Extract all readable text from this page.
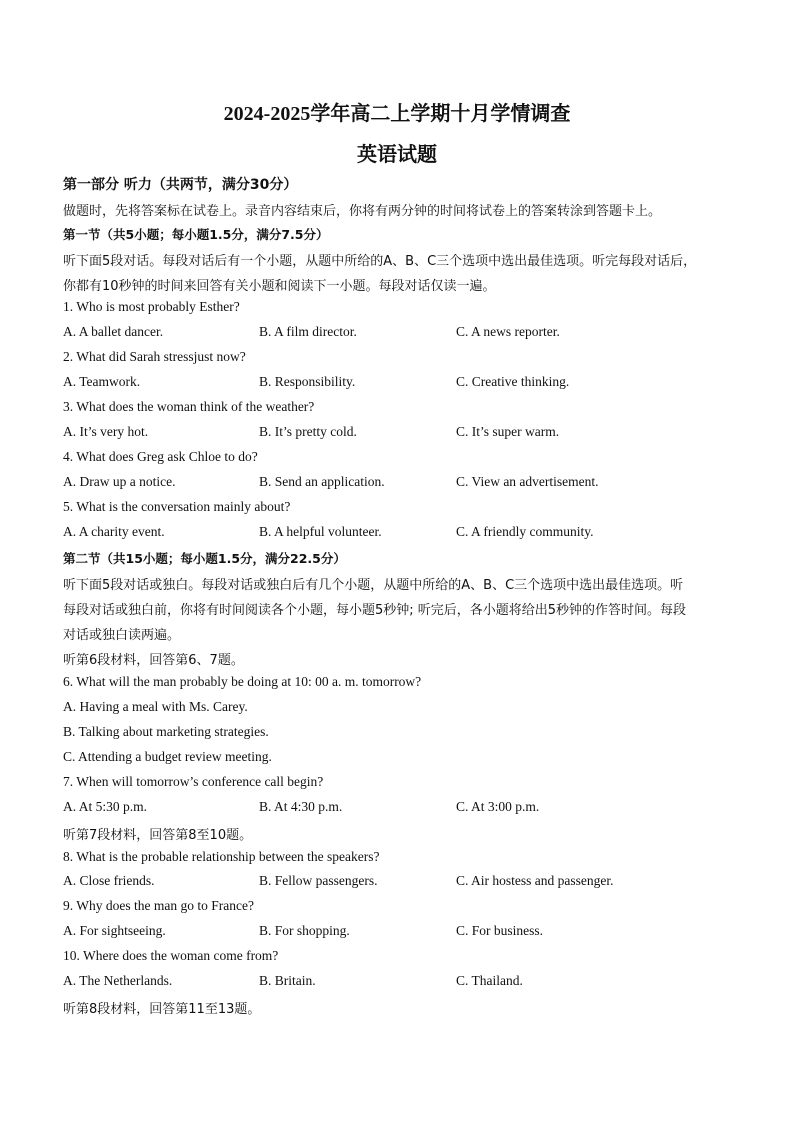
2024-2025学年高二上学期十月学情调查
英语试题
第一部分 听力（共两节，满分30分）
做题时，先将答案标在试卷上。录音内容结束后，你将有两分钟的时间将试卷上的答案转涂到答题卡上。
第一节（共5小题；每小题1.5分，满分7.5分）
听下面5段对话。每段对话后有一个小题，从题中所给的A、B、C三个选项中选出最佳选项。听完每段对话后，
你都有10秒钟的时间来回答有关小题和阅读下一小题。每段对话仅读一遍。
1. Who is most probably Esther?
A. A ballet dancer.	B. A film director.	C. A news reporter.
2. What did Sarah stressjust now?
A. Teamwork.	B. Responsibility.	C. Creative thinking.
3. What does the woman think of the weather?
A. It’s very hot.	B. It’s pretty cold.	C. It’s super warm.
4. What does Greg ask Chloe to do?
A. Draw up a notice.	B. Send an application.	C. View an advertisement.
5. What is the conversation mainly about?
A. A charity event.	B. A helpful volunteer.	C. A friendly community.
第二节（共15小题；每小题1.5分，满分22.5分）
听下面5段对话或独白。每段对话或独白后有几个小题，从题中所给的A、B、C三个选项中选出最佳选项。听
每段对话或独白前，你将有时间阅读各个小题，每小题5秒钟; 听完后，各小题将给出5秒钟的作答时间。每段
对话或独白读两遍。
听第6段材料，回答第6、7题。
6. What will the man probably be doing at 10: 00 a. m. tomorrow?
A. Having a meal with Ms. Carey.
B. Talking about marketing strategies.
C. Attending a budget review meeting.
7. When will tomorrow’s conference call begin?
A. At 5:30 p.m.	B. At 4:30 p.m.	C. At 3:00 p.m.
听第7段材料，回答第8至10题。
8. What is the probable relationship between the speakers?
A. Close friends.	B. Fellow passengers.	C. Air hostess and passenger.
9. Why does the man go to France?
A. For sightseeing.	B. For shopping.	C. For business.
10. Where does the woman come from?
A. The Netherlands.	B. Britain.	C. Thailand.
听第8段材料，回答第11至13题。
